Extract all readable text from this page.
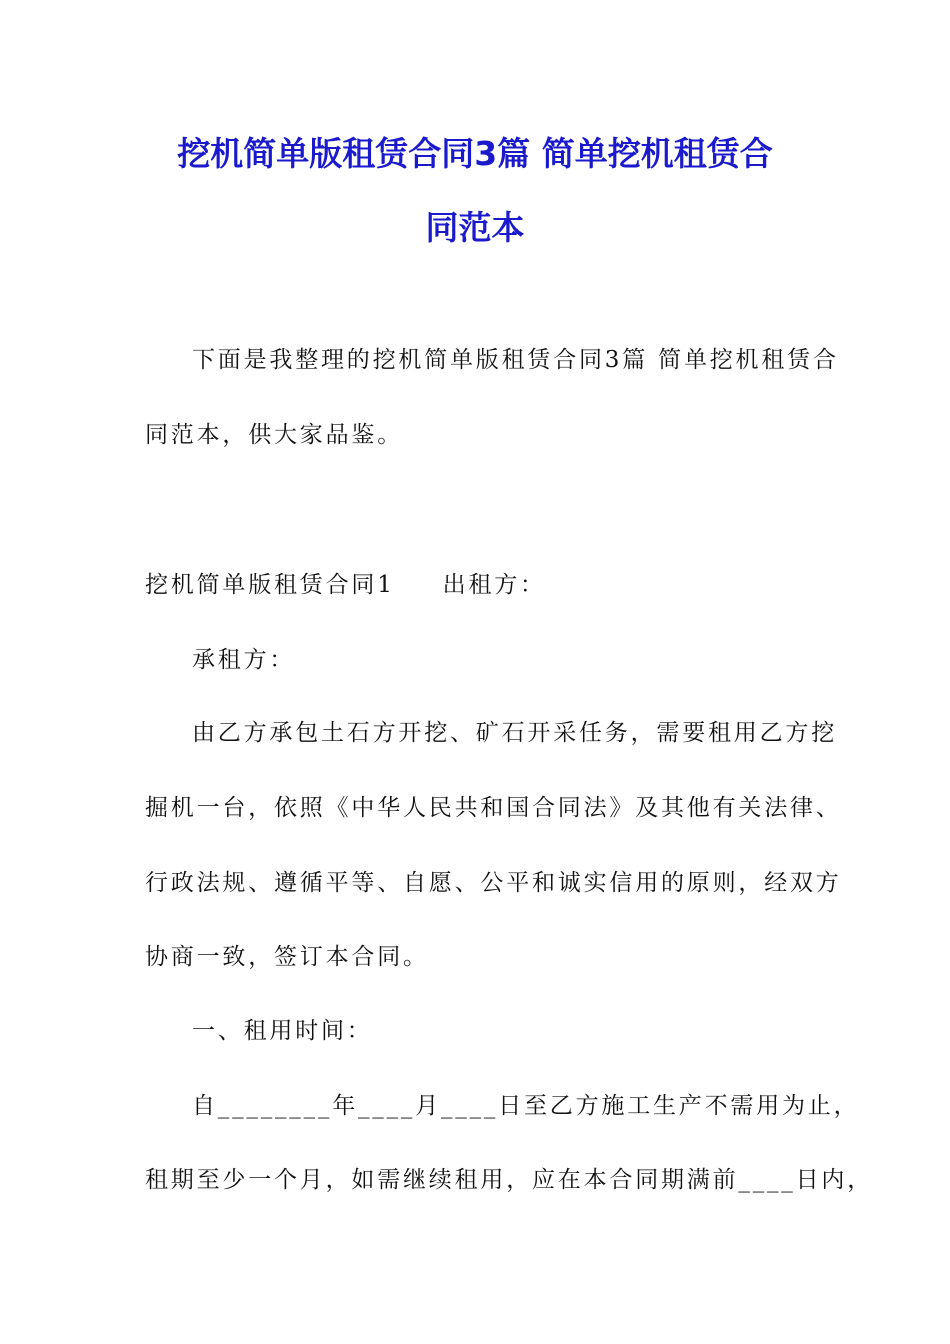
挖机简单版租赁合同3篇 简单挖机租赁合
同范本
下面是我整理的挖机简单版租赁合同3篇 简单挖机租赁合
同范本，供大家品鉴。
挖机简单版租赁合同1 出租方：
承租方：
由乙方承包土石方开挖、矿石开采任务，需要租用乙方挖
掘机一台，依照《中华人民共和国合同法》及其他有关法律、
行政法规、遵循平等、自愿、公平和诚实信用的原则，经双方
协商一致，签订本合同。
一、租用时间：
自________年____月____日至乙方施工生产不需用为止，
租期至少一个月，如需继续租用，应在本合同期满前____日内，
